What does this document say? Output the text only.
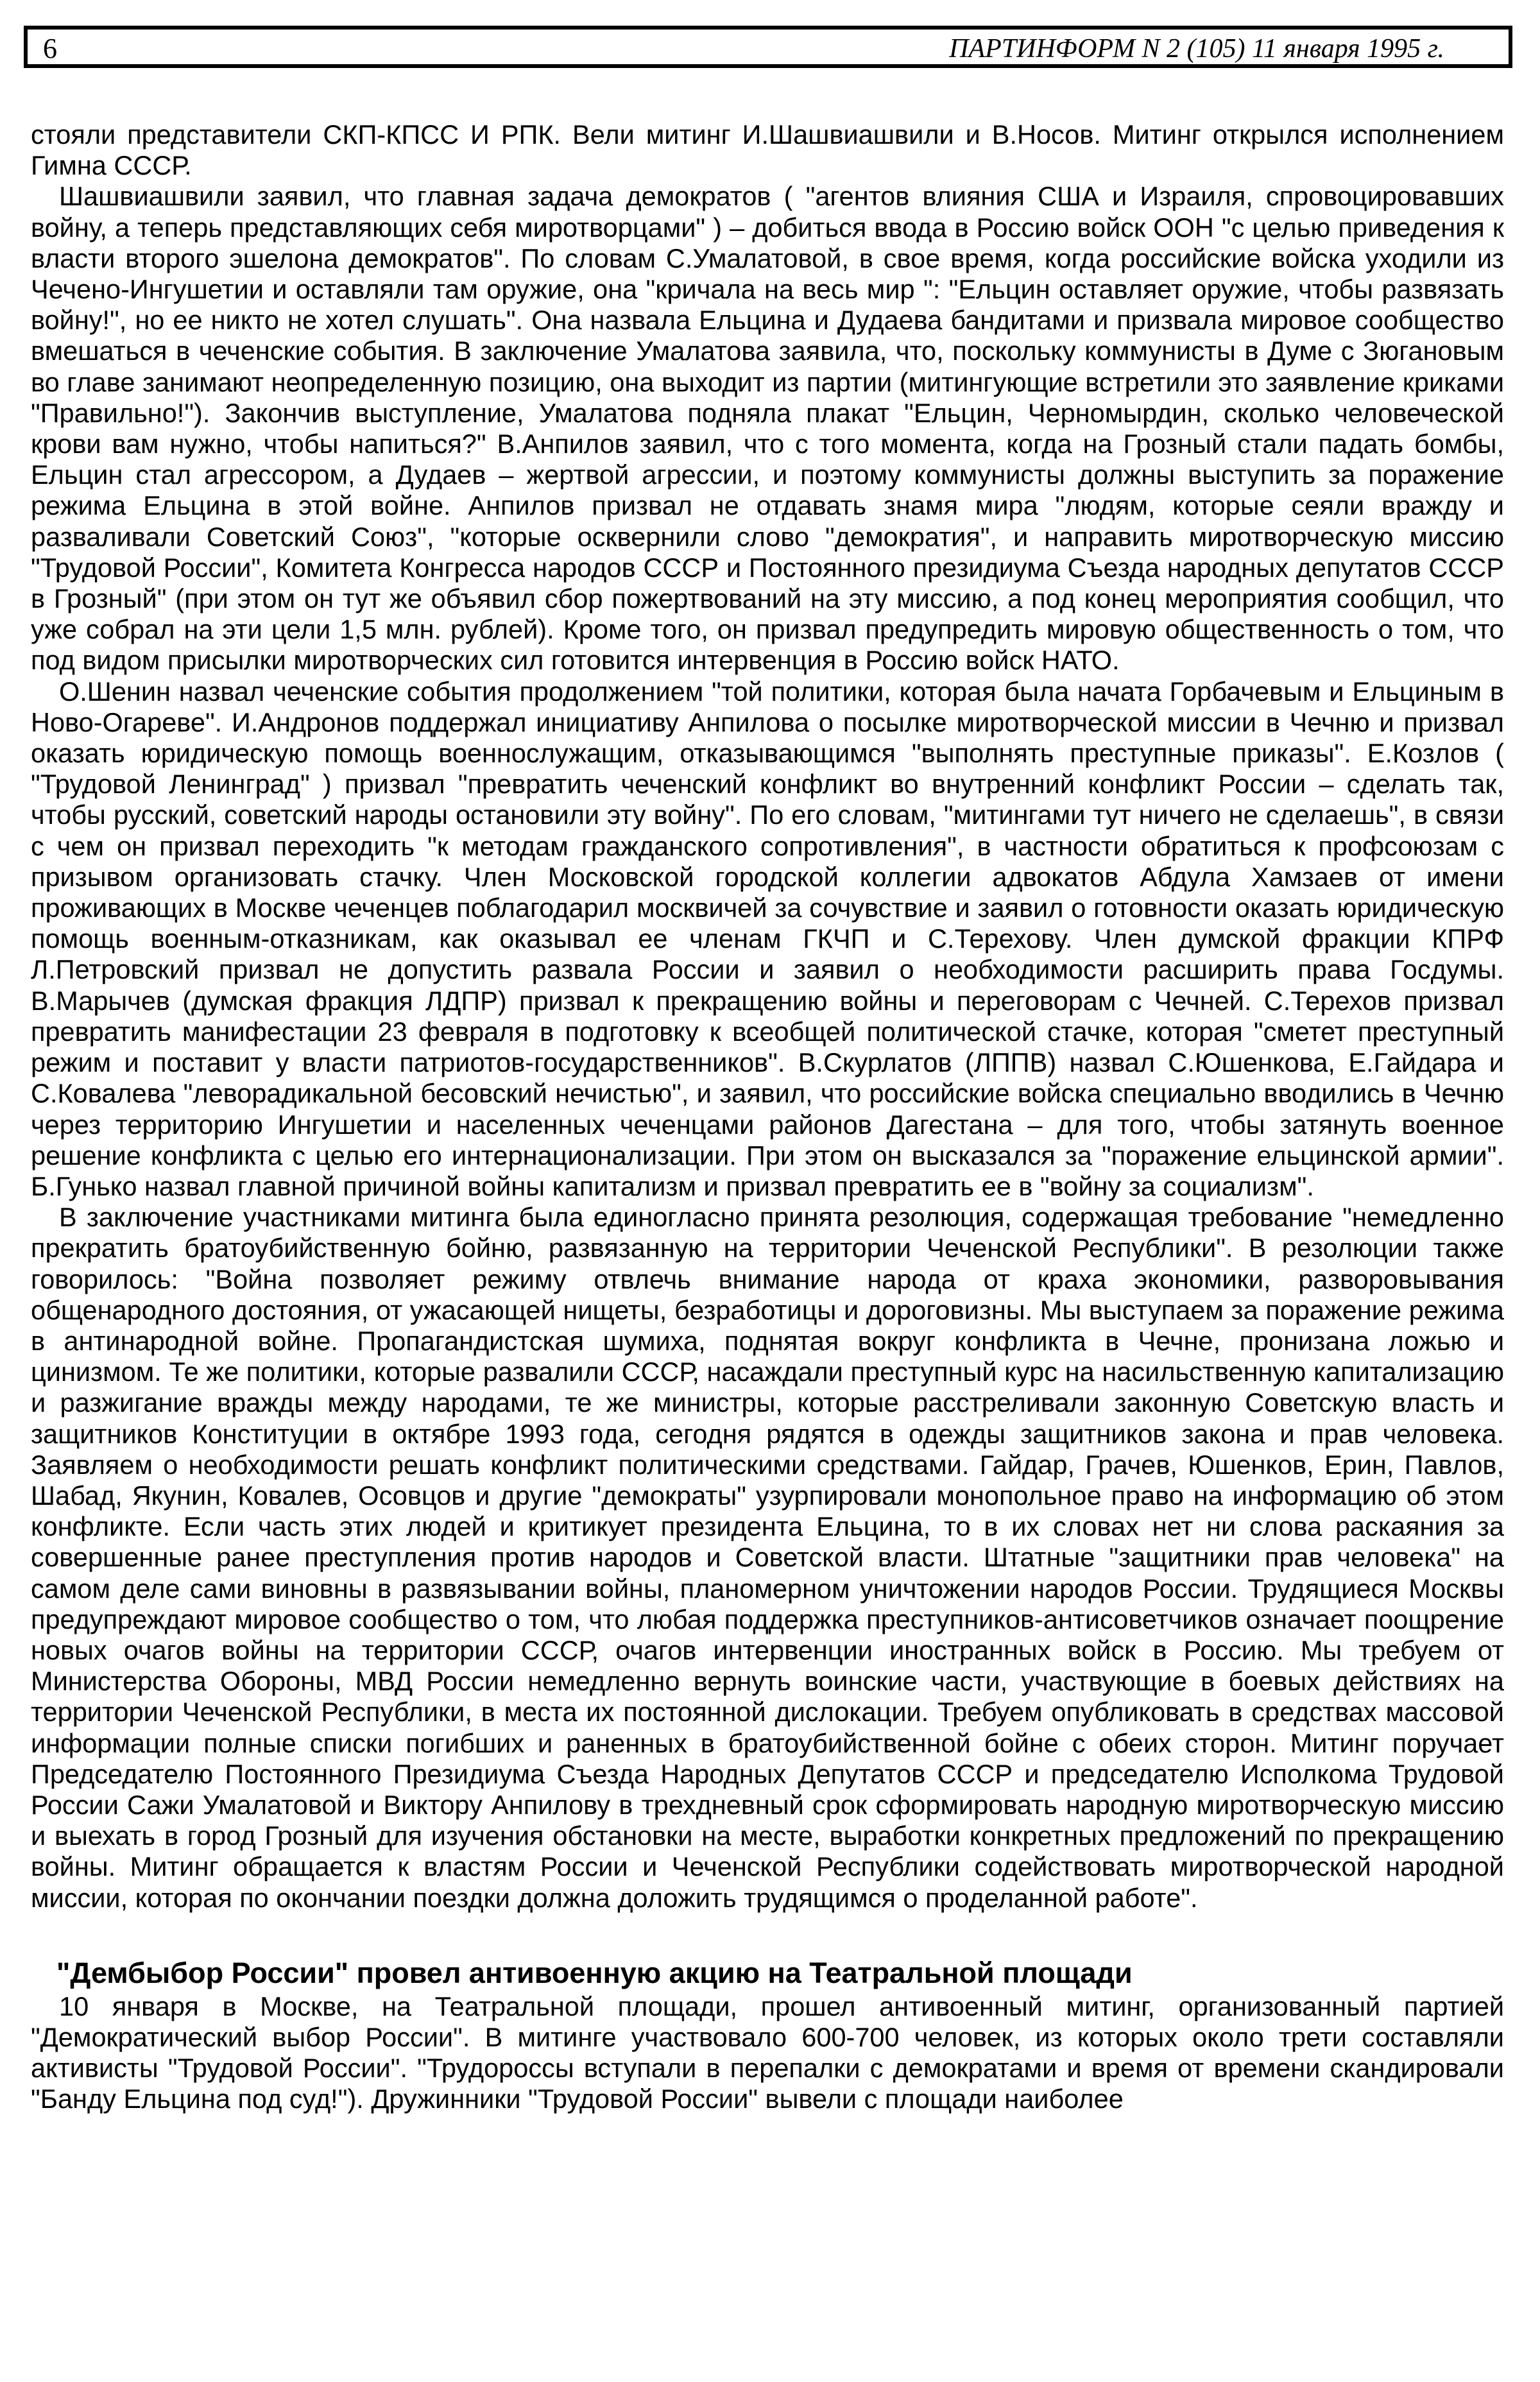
6	ПАРТИНФОРМ N 2 (105) 11 января 1995 г.

стояли представители СКП-КПСС И РПК. Вели митинг И.Шашвиашвили и В.Носов. Митинг открылся исполнением Гимна СССР.

Шашвиашвили заявил, что главная задача демократов ( "агентов влияния США и Израиля, спровоцировавших войну, а теперь представляющих себя миротворцами" ) – добиться ввода в Россию войск ООН "с целью приведения к власти второго эшелона демократов". По словам С.Умалатовой, в свое время, когда российские войска уходили из Чечено-Ингушетии и оставляли там оружие, она "кричала на весь мир ": "Ельцин оставляет оружие, чтобы развязать войну!", но ее никто не хотел слушать". Она назвала Ельцина и Дудаева бандитами и призвала мировое сообщество вмешаться в чеченские события. В заключение Умалатова заявила, что, поскольку коммунисты в Думе с Зюгановым во главе занимают неопределенную позицию, она выходит из партии (митингующие встретили это заявление криками "Правильно!"). Закончив выступление, Умалатова подняла плакат "Ельцин, Черномырдин, сколько человеческой крови вам нужно, чтобы напиться?" В.Анпилов заявил, что с того момента, когда на Грозный стали падать бомбы, Ельцин стал агрессором, а Дудаев – жертвой агрессии, и поэтому коммунисты должны выступить за поражение режима Ельцина в этой войне. Анпилов призвал не отдавать знамя мира "людям, которые сеяли вражду и разваливали Советский Союз", "которые осквернили слово "демократия", и направить миротворческую миссию "Трудовой России", Комитета Конгресса народов СССР и Постоянного президиума Съезда народных депутатов СССР в Грозный" (при этом он тут же объявил сбор пожертвований на эту миссию, а под конец мероприятия сообщил, что уже собрал на эти цели 1,5 млн. рублей). Кроме того, он призвал предупредить мировую общественность о том, что под видом присылки миротворческих сил готовится интервенция в Россию войск НАТО.

О.Шенин назвал чеченские события продолжением "той политики, которая была начата Горбачевым и Ельциным в Ново-Огареве". И.Андронов поддержал инициативу Анпилова о посылке миротворческой миссии в Чечню и призвал оказать юридическую помощь военнослужащим, отказывающимся "выполнять преступные приказы". Е.Козлов ( "Трудовой Ленинград" ) призвал "превратить чеченский конфликт во внутренний конфликт России – сделать так, чтобы русский, советский народы остановили эту войну". По его словам, "митингами тут ничего не сделаешь", в связи с чем он призвал переходить "к методам гражданского сопротивления", в частности обратиться к профсоюзам с призывом организовать стачку. Член Московской городской коллегии адвокатов Абдула Хамзаев от имени проживающих в Москве чеченцев поблагодарил москвичей за сочувствие и заявил о готовности оказать юридическую помощь военным-отказникам, как оказывал ее членам ГКЧП и С.Терехову. Член думской фракции КПРФ Л.Петровский призвал не допустить развала России и заявил о необходимости расширить права Госдумы. В.Марычев (думская фракция ЛДПР) призвал к прекращению войны и переговорам с Чечней. С.Терехов призвал превратить манифестации 23 февраля в подготовку к всеобщей политической стачке, которая "сметет преступный режим и поставит у власти патриотов-государственников". В.Скурлатов (ЛППВ) назвал С.Юшенкова, Е.Гайдара и С.Ковалева "леворадикальной бесовский нечистью", и заявил, что российские войска специально вводились в Чечню через территорию Ингушетии и населенных чеченцами районов Дагестана – для того, чтобы затянуть военное решение конфликта с целью его интернационализации. При этом он высказался за "поражение ельцинской армии". Б.Гунько назвал главной причиной войны капитализм и призвал превратить ее в "войну за социализм".

В заключение участниками митинга была единогласно принята резолюция, содержащая требование "немедленно прекратить братоубийственную бойню, развязанную на территории Чеченской Республики". В резолюции также говорилось: "Война позволяет режиму отвлечь внимание народа от краха экономики, разворовывания общенародного достояния, от ужасающей нищеты, безработицы и дороговизны. Мы выступаем за поражение режима в антинародной войне. Пропагандистская шумиха, поднятая вокруг конфликта в Чечне, пронизана ложью и цинизмом. Те же политики, которые развалили СССР, насаждали преступный курс на насильственную капитализацию и разжигание вражды между народами, те же министры, которые расстреливали законную Советскую власть и защитников Конституции в октябре 1993 года, сегодня рядятся в одежды защитников закона и прав человека. Заявляем о необходимости решать конфликт политическими средствами. Гайдар, Грачев, Юшенков, Ерин, Павлов, Шабад, Якунин, Ковалев, Осовцов и другие "демократы" узурпировали монопольное право на информацию об этом конфликте. Если часть этих людей и критикует президента Ельцина, то в их словах нет ни слова раскаяния за совершенные ранее преступления против народов и Советской власти. Штатные "защитники прав человека" на самом деле сами виновны в развязывании войны, планомерном уничтожении народов России. Трудящиеся Москвы предупреждают мировое сообщество о том, что любая поддержка преступников-антисоветчиков означает поощрение новых очагов войны на территории СССР, очагов интервенции иностранных войск в Россию. Мы требуем от Министерства Обороны, МВД России немедленно вернуть воинские части, участвующие в боевых действиях на территории Чеченской Республики, в места их постоянной дислокации. Требуем опубликовать в средствах массовой информации полные списки погибших и раненных в братоубийственной бойне с обеих сторон. Митинг поручает Председателю Постоянного Президиума Съезда Народных Депутатов СССР и председателю Исполкома Трудовой России Сажи Умалатовой и Виктору Анпилову в трехдневный срок сформировать народную миротворческую миссию и выехать в город Грозный для изучения обстановки на месте, выработки конкретных предложений по прекращению войны. Митинг обращается к властям России и Чеченской Республики содействовать миротворческой народной миссии, которая по окончании поездки должна доложить трудящимся о проделанной работе".

"Дембыбор России" провел антивоенную акцию на Театральной площади

10 января в Москве, на Театральной площади, прошел антивоенный митинг, организованный партией "Демократический выбор России". В митинге участвовало 600-700 человек, из которых около трети составляли активисты "Трудовой России". "Трудороссы вступали в перепалки с демократами и время от времени скандировали "Банду Ельцина под суд!"). Дружинники "Трудовой России" вывели с площади наиболее
